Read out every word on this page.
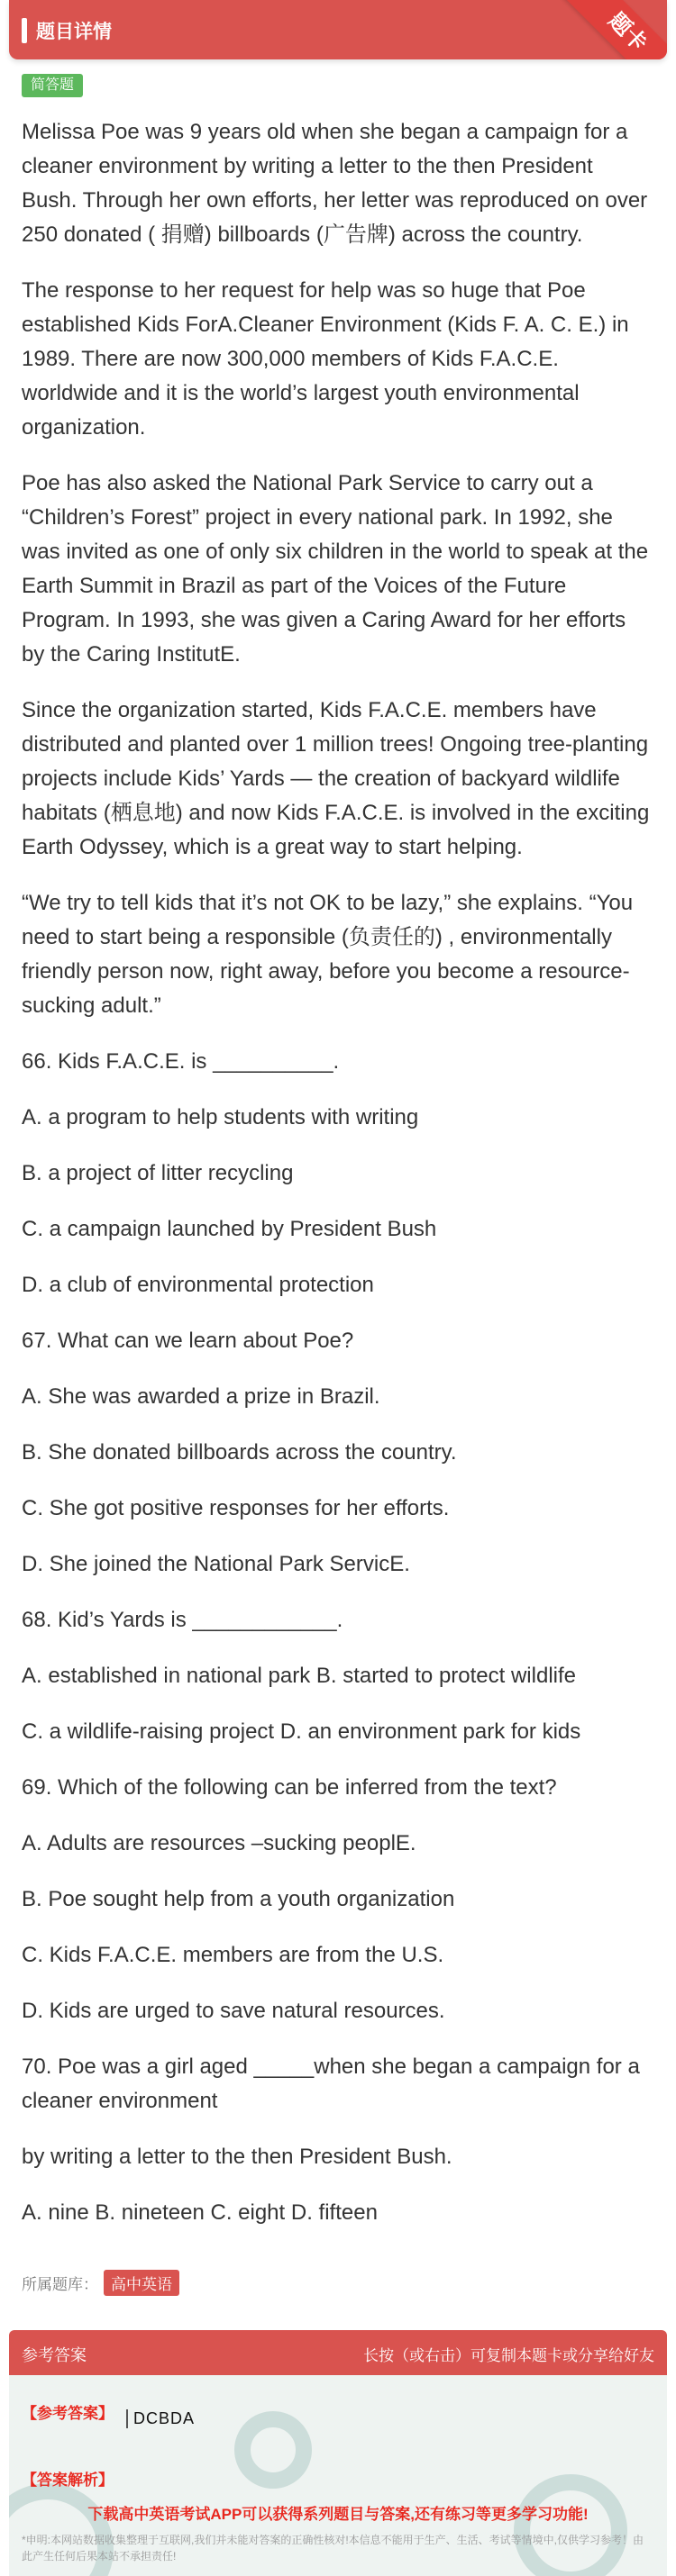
题目详情	题卡
简答题

Melissa Poe was 9 years old when she began a campaign for a cleaner environment by writing a letter to the then President Bush. Through her own efforts, her letter was reproduced on over 250 donated ( 捐赠) billboards (广告牌) across the country.

The response to her request for help was so huge that Poe established Kids ForA.Cleaner Environment (Kids F. A. C. E.) in 1989. There are now 300,000 members of Kids F.A.C.E. worldwide and it is the world’s largest youth environmental organization.

Poe has also asked the National Park Service to carry out a “Children’s Forest” project in every national park. In 1992, she was invited as one of only six children in the world to speak at the Earth Summit in Brazil as part of the Voices of the Future Program. In 1993, she was given a Caring Award for her efforts by the Caring InstitutE.

Since the organization started, Kids F.A.C.E. members have distributed and planted over 1 million trees! Ongoing tree-planting projects include Kids’ Yards — the creation of backyard wildlife habitats (栖息地) and now Kids F.A.C.E. is involved in the exciting Earth Odyssey, which is a great way to start helping.

“We try to tell kids that it’s not OK to be lazy,” she explains. “You need to start being a responsible (负责任的) , environmentally friendly person now, right away, before you become a resource-sucking adult.”

66. Kids F.A.C.E. is __________.

A. a program to help students with writing

B. a project of litter recycling

C. a campaign launched by President Bush

D. a club of environmental protection

67. What can we learn about Poe?

A. She was awarded a prize in Brazil.

B. She donated billboards across the country.

C. She got positive responses for her efforts.

D. She joined the National Park ServicE.

68. Kid’s Yards is ____________.

A. established in national park B. started to protect wildlife

C. a wildlife-raising project D. an environment park for kids

69. Which of the following can be inferred from the text?

A. Adults are resources –sucking peoplE.

B. Poe sought help from a youth organization

C. Kids F.A.C.E. members are from the U.S.

D. Kids are urged to save natural resources.

70. Poe was a girl aged _____when she began a campaign for a cleaner environment

by writing a letter to the then President Bush.

A. nine B. nineteen C. eight D. fifteen

所属题库： 高中英语
参考答案	长按（或右击）可复制本题卡或分享给好友
【参考答案】	DCBDA
【答案解析】
下载高中英语考试APP可以获得系列题目与答案,还有练习等更多学习功能!
*申明:本网站数据收集整理于互联网,我们并未能对答案的正确性核对!本信息不能用于生产、生活、考试等情境中,仅供学习参考！由此产生任何后果本站不承担责任!
